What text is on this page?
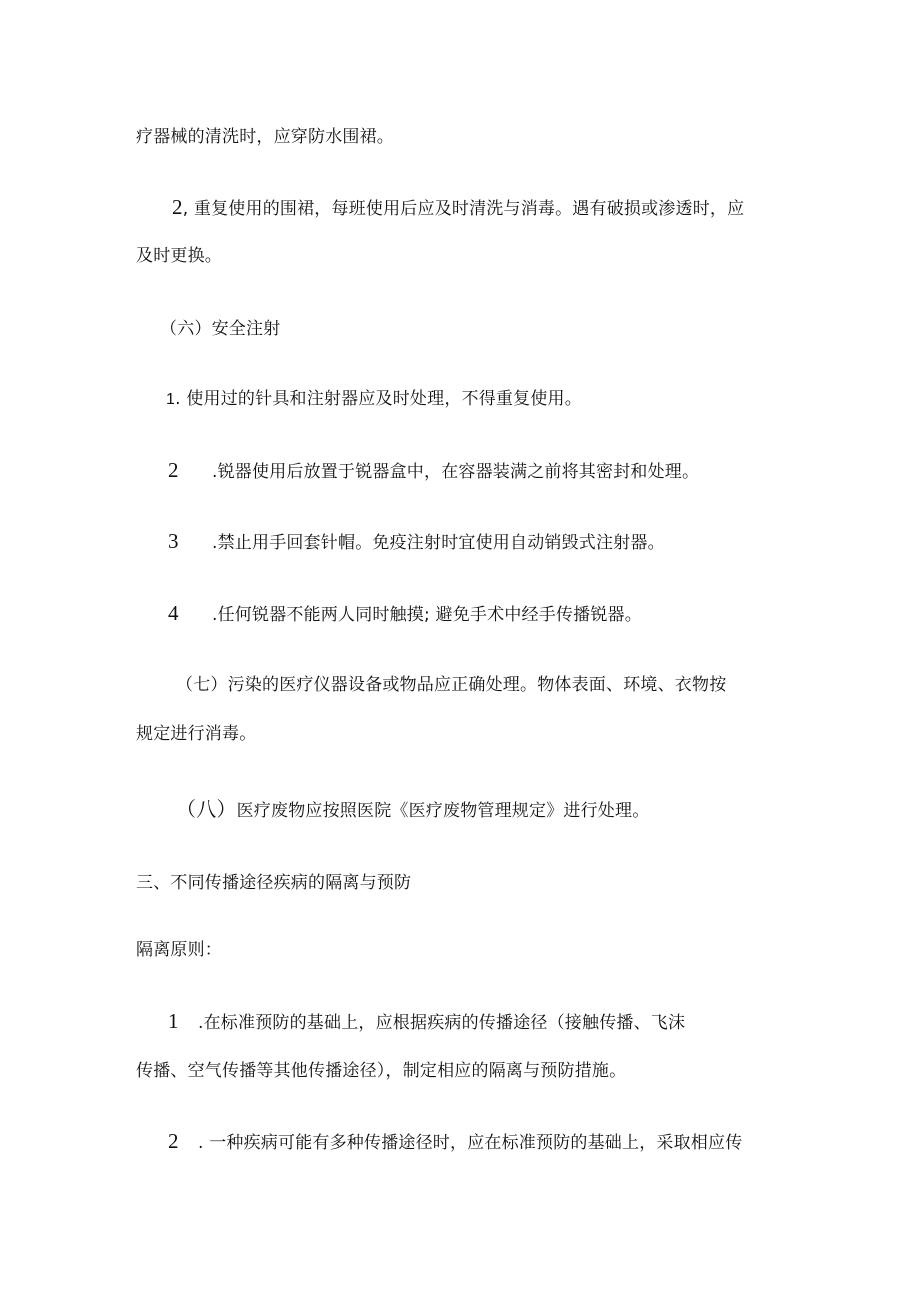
疗器械的清洗时，应穿防水围裙。
2, 重复使用的围裙，每班使用后应及时清洗与消毒。遇有破损或渗透时，应
及时更换。
（六）安全注射
1. 使用过的针具和注射器应及时处理，不得重复使用。
2 .锐器使用后放置于锐器盒中，在容器装满之前将其密封和处理。
3 .禁止用手回套针帽。免疫注射时宜使用自动销毁式注射器。
4 .任何锐器不能两人同时触摸; 避免手术中经手传播锐器。
（七）污染的医疗仪器设备或物品应正确处理。物体表面、环境、衣物按
规定进行消毒。
（八）医疗废物应按照医院《医疗废物管理规定》进行处理。
三、不同传播途径疾病的隔离与预防
隔离原则：
1 .在标准预防的基础上，应根据疾病的传播途径（接触传播、飞沫
传播、空气传播等其他传播途径），制定相应的隔离与预防措施。
2 . 一种疾病可能有多种传播途径时，应在标准预防的基础上，采取相应传
